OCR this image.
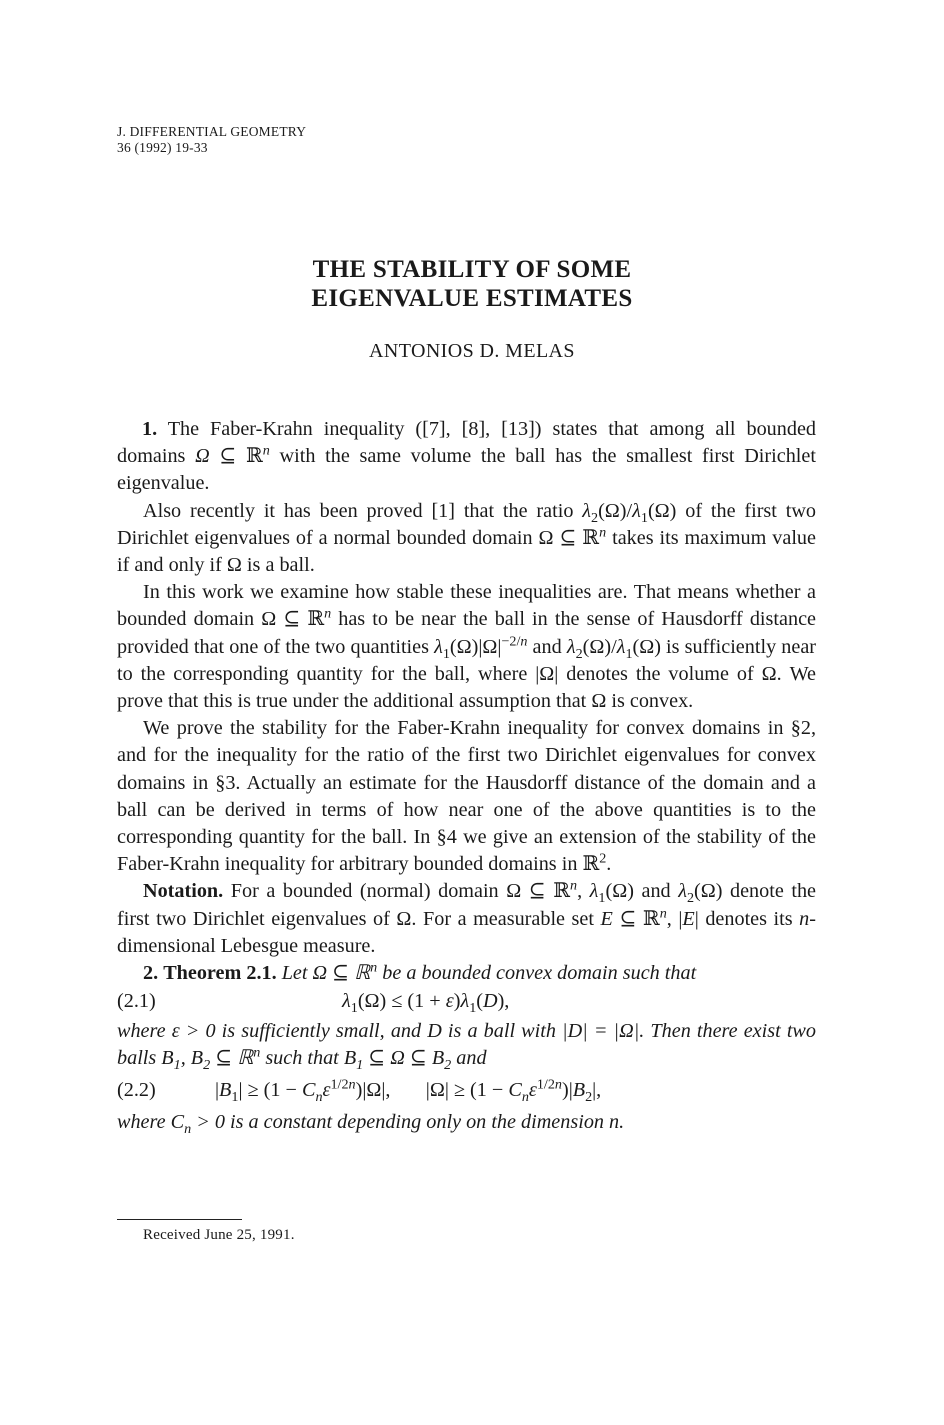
J. DIFFERENTIAL GEOMETRY
36 (1992) 19-33
THE STABILITY OF SOME
EIGENVALUE ESTIMATES
ANTONIOS D. MELAS

1. The Faber-Krahn inequality ([7], [8], [13]) states that among all bounded domains Ω ⊆ ℝ$^n$ with the same volume the ball has the smallest first Dirichlet eigenvalue.

Also recently it has been proved [1] that the ratio $\lambda_2(\Omega)/\lambda_1(\Omega)$ of the first two Dirichlet eigenvalues of a normal bounded domain Ω ⊆ ℝ$^n$ takes its maximum value if and only if Ω is a ball.

In this work we examine how stable these inequalities are. That means whether a bounded domain Ω ⊆ ℝ$^n$ has to be near the ball in the sense of Hausdorff distance provided that one of the two quantities $\lambda_1(\Omega)|\Omega|^{-2/n}$ and $\lambda_2(\Omega)/\lambda_1(\Omega)$ is sufficiently near to the corresponding quantity for the ball, where |Ω| denotes the volume of Ω. We prove that this is true under the additional assumption that Ω is convex.

We prove the stability for the Faber-Krahn inequality for convex domains in §2, and for the inequality for the ratio of the first two Dirichlet eigenvalues for convex domains in §3. Actually an estimate for the Hausdorff distance of the domain and a ball can be derived in terms of how near one of the above quantities is to the corresponding quantity for the ball. In §4 we give an extension of the stability of the Faber-Krahn inequality for arbitrary bounded domains in ℝ$^2$.

Notation. For a bounded (normal) domain Ω ⊆ ℝ$^n$, $\lambda_1(\Omega)$ and $\lambda_2(\Omega)$ denote the first two Dirichlet eigenvalues of Ω. For a measurable set E ⊆ ℝ$^n$, |E| denotes its n-dimensional Lebesgue measure.

2. Theorem 2.1. Let Ω ⊆ ℝ$^n$ be a bounded convex domain such that

(2.1)	$\lambda_1(\Omega) \le (1 + \varepsilon)\lambda_1(D)$,

where ε > 0 is sufficiently small, and D is a ball with |D| = |Ω|. Then there exist two balls $B_1$, $B_2$ ⊆ ℝ$^n$ such that $B_1$ ⊆ Ω ⊆ $B_2$ and

(2.2)	$|B_1| \ge (1 - C_n\varepsilon^{1/2n})|\Omega|$,       $|\Omega| \ge (1 - C_n\varepsilon^{1/2n})|B_2|$,

where $C_n > 0$ is a constant depending only on the dimension n.

Received June 25, 1991.
